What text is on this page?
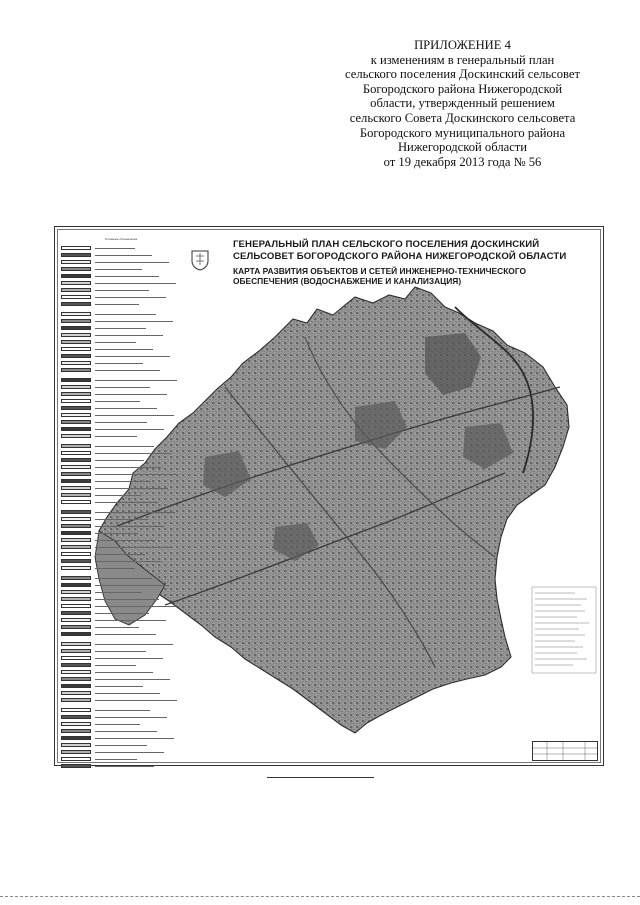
ПРИЛОЖЕНИЕ 4
к изменениям в генеральный план
сельского поселения Доскинский сельсовет
Богородского района Нижегородской
области, утвержденный решением
сельского Совета Доскинского сельсовета
Богородского муниципального района
Нижегородской области
от 19 декабря 2013 года № 56
Условные обозначения	ГЕНЕРАЛЬНЫЙ ПЛАН СЕЛЬСКОГО ПОСЕЛЕНИЯ ДОСКИНСКИЙ
СЕЛЬСОВЕТ БОГОРОДСКОГО РАЙОНА НИЖЕГОРОДСКОЙ ОБЛАСТИ
КАРТА РАЗВИТИЯ ОБЪЕКТОВ И СЕТЕЙ ИНЖЕНЕРНО-ТЕХНИЧЕСКОГО
ОБЕСПЕЧЕНИЯ (ВОДОСНАБЖЕНИЕ И КАНАЛИЗАЦИЯ)
